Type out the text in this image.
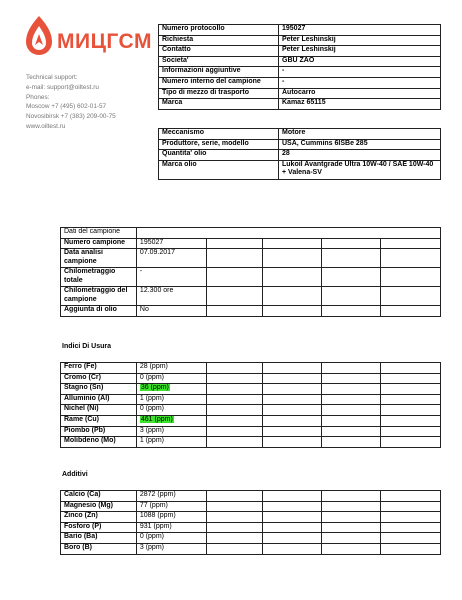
МИЦГСМ
Technical support:
e-mail: support@oiltest.ru
Phones:
Moscow +7 (495) 602-01-57
Novosibirsk +7 (383) 209-00-75
www.oiltest.ru
Numero protocollo	195027
Richiesta	Peter Leshinskij
Contatto	Peter Leshinskij
Societa'	GBU ZAO
Informazioni aggiuntive	-
Numero interno del campione	-
Tipo di mezzo di trasporto	Autocarro
Marca	Kamaz 65115
Meccanismo	Motore
Produttore, serie, modello	USA, Cummins 6ISBe 285
Quantita' olio	28
Marca olio	Lukoil Avantgrade Ultra 10W-40 / SAE 10W-40 + Valena-SV
Dati del campione					
Numero campione	195027				
Data analisi campione	07.09.2017				
Chilometraggio totale	-				
Chilometraggio del campione	12.300 ore				
Aggiunta di olio	No				
Indici Di Usura
Ferro (Fe)	28 (ppm)				
Cromo (Cr)	0 (ppm)				
Stagno (Sn)	36 (ppm)				
Alluminio (Al)	1 (ppm)				
Nichel (Ni)	0 (ppm)				
Rame (Cu)	461 (ppm)				
Piombo (Pb)	3 (ppm)				
Molibdeno (Mo)	1 (ppm)				
Additivi
Calcio (Ca)	2872 (ppm)				
Magnesio (Mg)	77 (ppm)				
Zinco (Zn)	1088 (ppm)				
Fosforo (P)	931 (ppm)				
Bario (Ba)	0 (ppm)				
Boro (B)	3 (ppm)				
